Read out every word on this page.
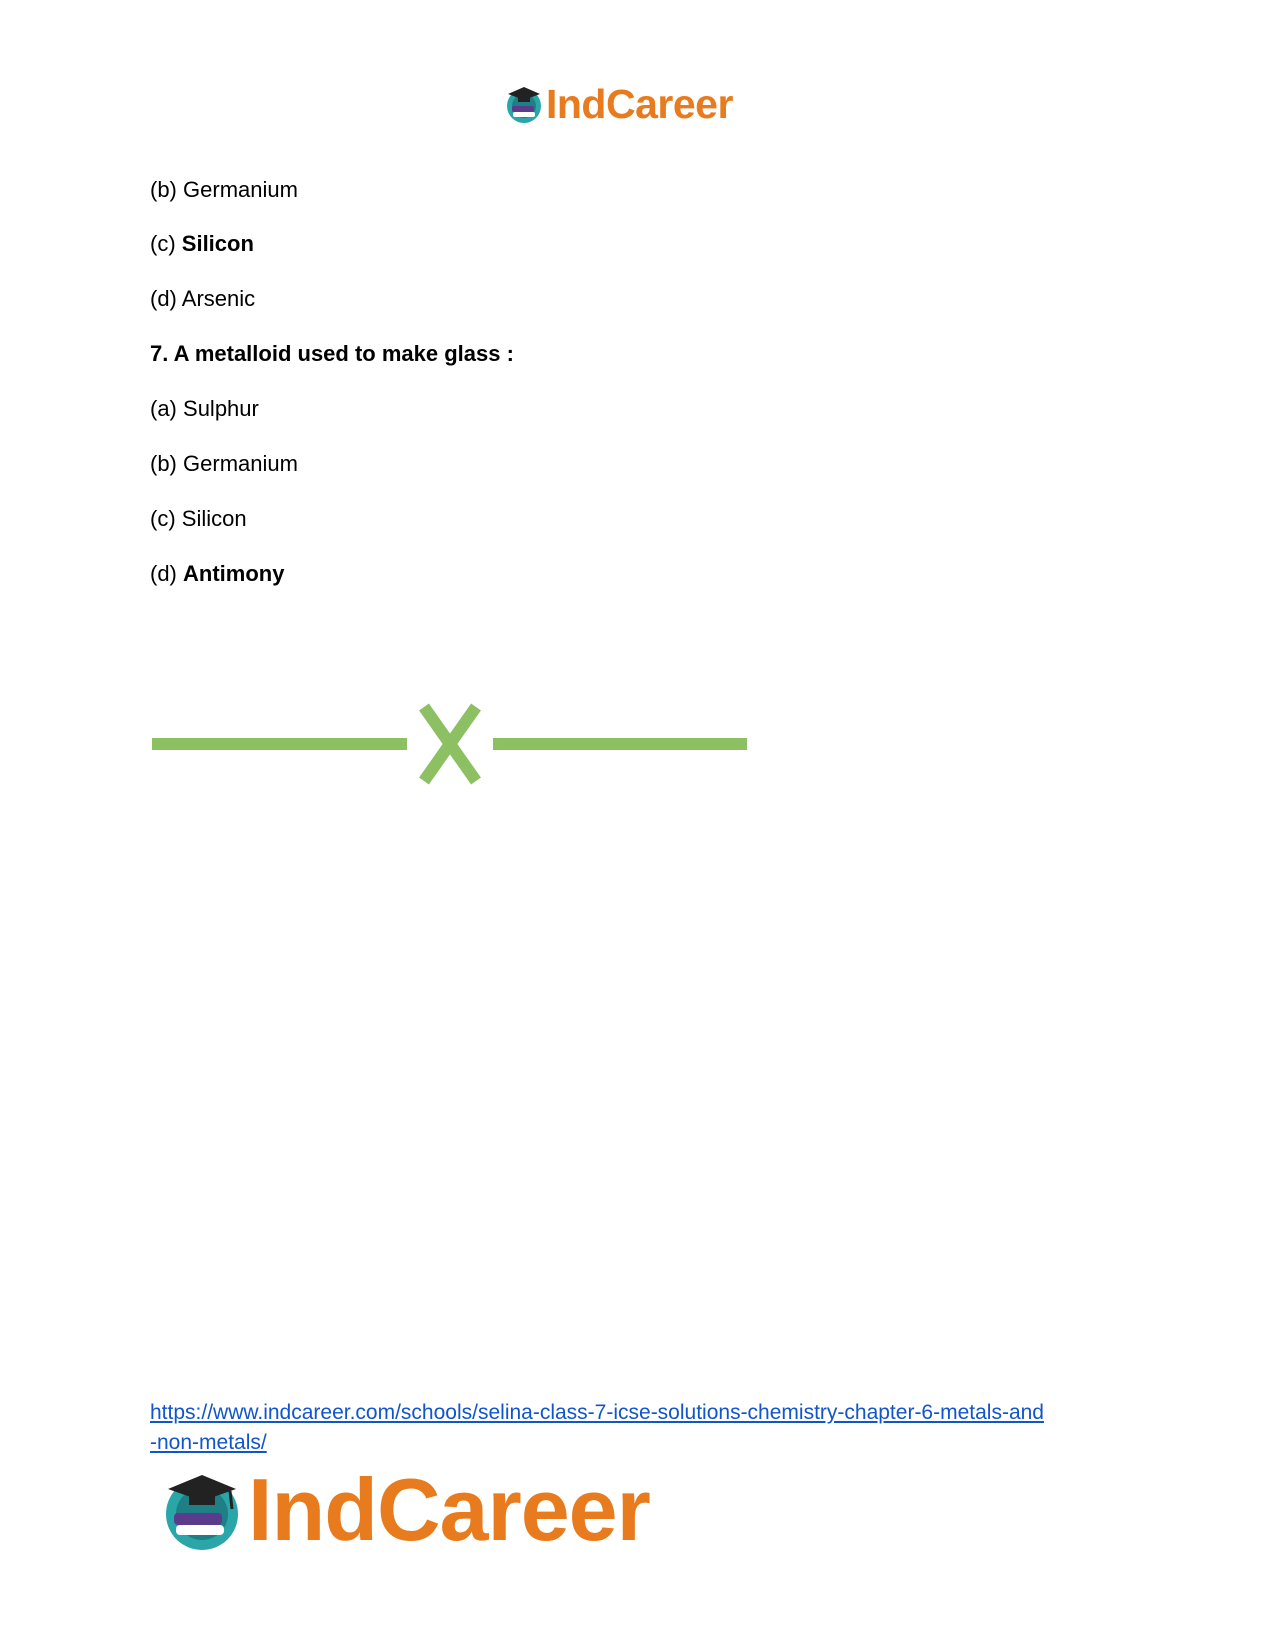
IndCareer
(b) Germanium
(c) Silicon
(d) Arsenic
7. A metalloid used to make glass :
(a) Sulphur
(b) Germanium
(c) Silicon
(d) Antimony
https://www.indcareer.com/schools/selina-class-7-icse-solutions-chemistry-chapter-6-metals-and
-non-metals/
IndCareer
